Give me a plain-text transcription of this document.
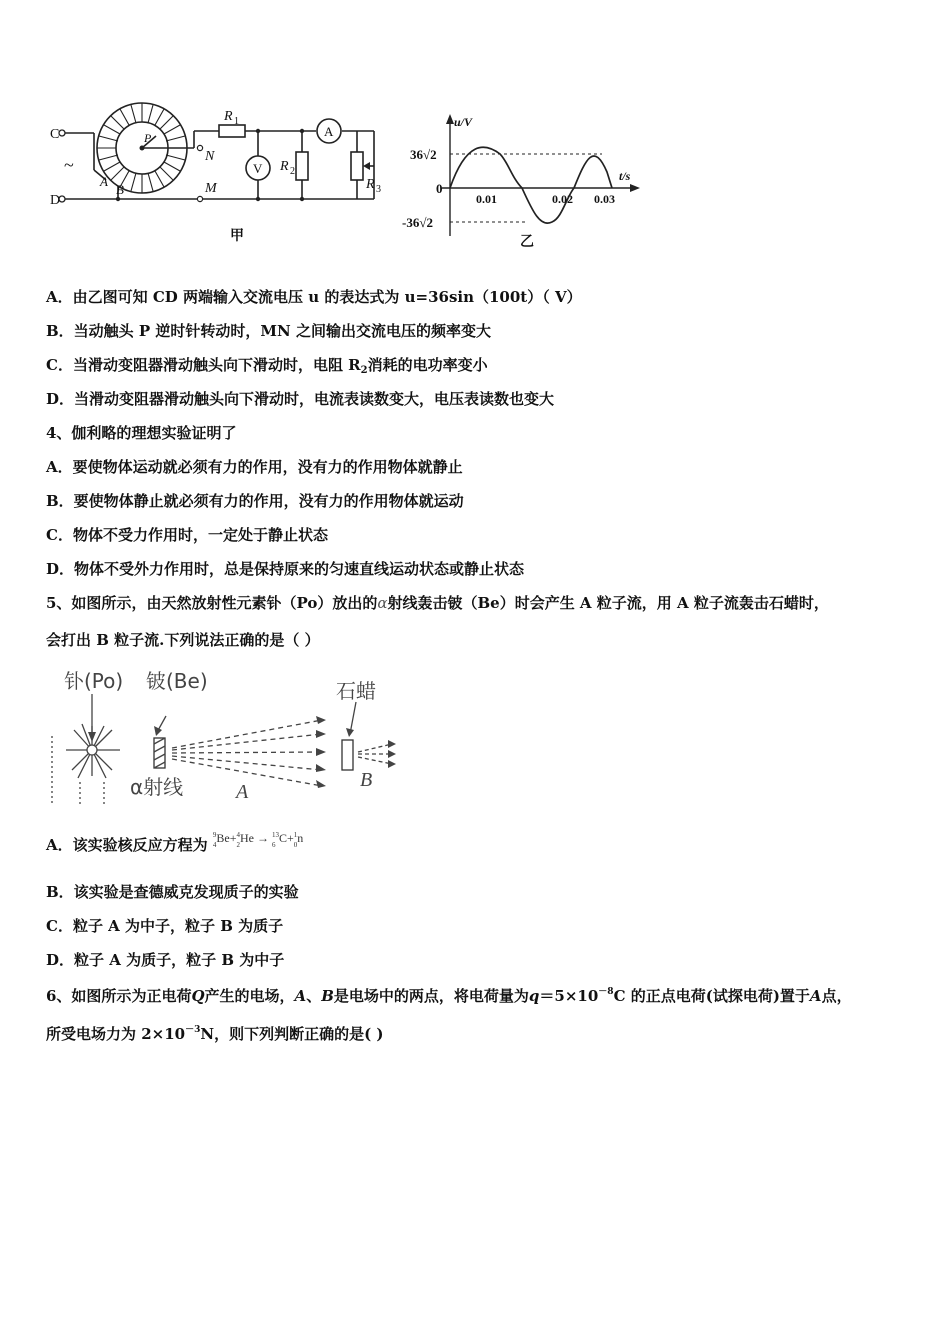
C
D
~
P
A
B
N
M
R 1
V R 2
R 3
A
甲
u/V
t/s
36√2
-36√2
0
0.01	0.02 0.03
乙
A．由乙图可知 CD 两端输入交流电压 u 的表达式为 u=36sin（100t）（ V）
B．当动触头 P 逆时针转动时，MN 之间输出交流电压的频率变大
C．当滑动变阻器滑动触头向下滑动时，电阻 $R_2$消耗的电功率变小
D．当滑动变阻器滑动触头向下滑动时，电流表读数变大，电压表读数也变大
4、伽利略的理想实验证明了
A．要使物体运动就必须有力的作用，没有力的作用物体就静止
B．要使物体静止就必须有力的作用，没有力的作用物体就运动
C．物体不受力作用时，一定处于静止状态
D．物体不受外力作用时，总是保持原来的匀速直线运动状态或静止状态
5、如图所示，由天然放射性元素钋（Po）放出的α射线轰击铍（Be）时会产生 A 粒子流，用 A 粒子流轰击石蜡时，
会打出 B 粒子流.下列说法正确的是（ ）
钋(Po) 铍(Be)	石蜡
α射线	A
B
A．该实验核反应方程为 9
4Be+4
2He → 13
6C+1
0n
B．该实验是查德威克发现质子的实验
C．粒子 A 为中子，粒子 B 为质子
D．粒子 A 为质子，粒子 B 为中子
6、如图所示为正电荷Q产生的电场，A、B是电场中的两点，将电荷量为$q=5\times 10^{-8}C$ 的正点电荷(试探电荷)置于A点，
所受电场力为 $2\times 10^{-3}N$，则下列判断正确的是( )
